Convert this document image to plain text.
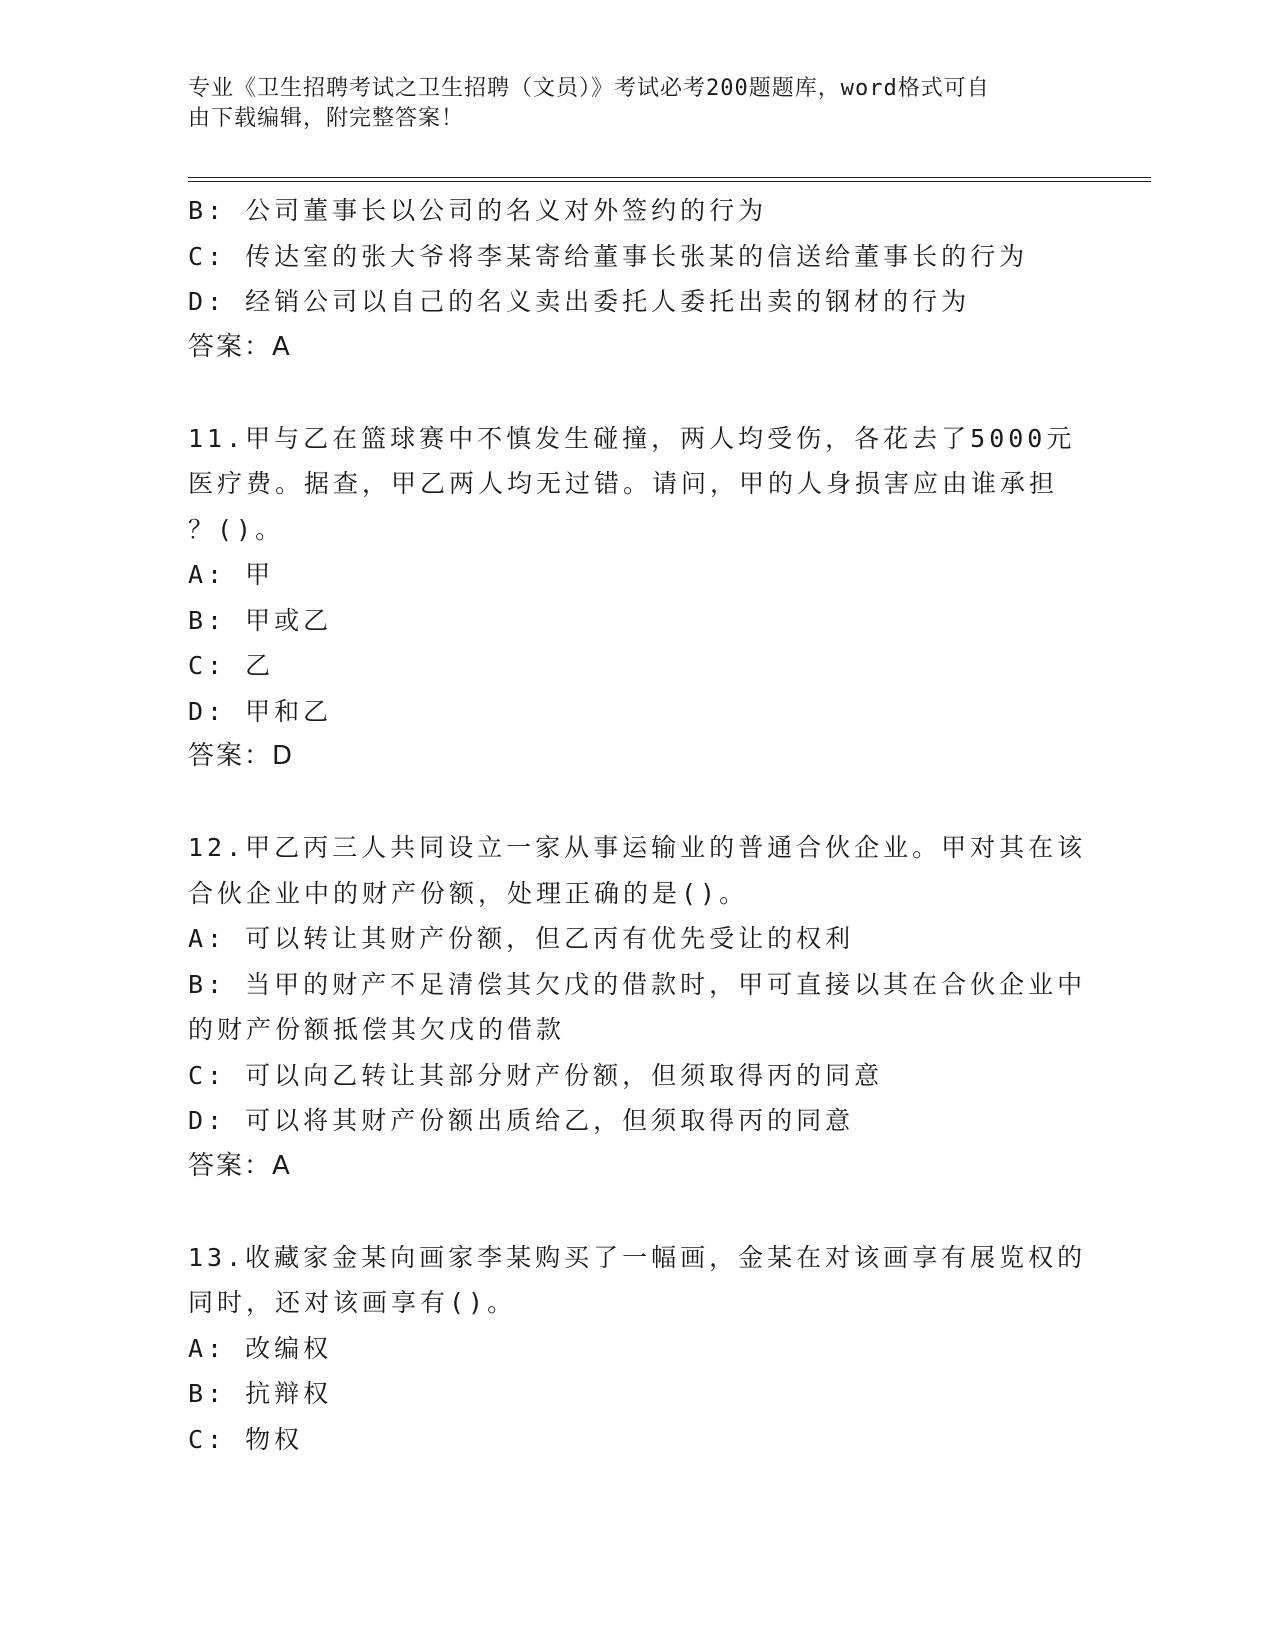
专业《卫生招聘考试之卫生招聘（文员）》考试必考200题题库，word格式可自
由下载编辑，附完整答案！
B: 公司董事长以公司的名义对外签约的行为
C: 传达室的张大爷将李某寄给董事长张某的信送给董事长的行为
D: 经销公司以自己的名义卖出委托人委托出卖的钢材的行为
答案：A
11.甲与乙在篮球赛中不慎发生碰撞，两人均受伤，各花去了5000元
医疗费。据查，甲乙两人均无过错。请问，甲的人身损害应由谁承担
？()。
A: 甲
B: 甲或乙
C: 乙
D: 甲和乙
答案：D
12.甲乙丙三人共同设立一家从事运输业的普通合伙企业。甲对其在该
合伙企业中的财产份额，处理正确的是()。
A: 可以转让其财产份额，但乙丙有优先受让的权利
B: 当甲的财产不足清偿其欠戊的借款时，甲可直接以其在合伙企业中
的财产份额抵偿其欠戊的借款
C: 可以向乙转让其部分财产份额，但须取得丙的同意
D: 可以将其财产份额出质给乙，但须取得丙的同意
答案：A
13.收藏家金某向画家李某购买了一幅画，金某在对该画享有展览权的
同时，还对该画享有()。
A: 改编权
B: 抗辩权
C: 物权
